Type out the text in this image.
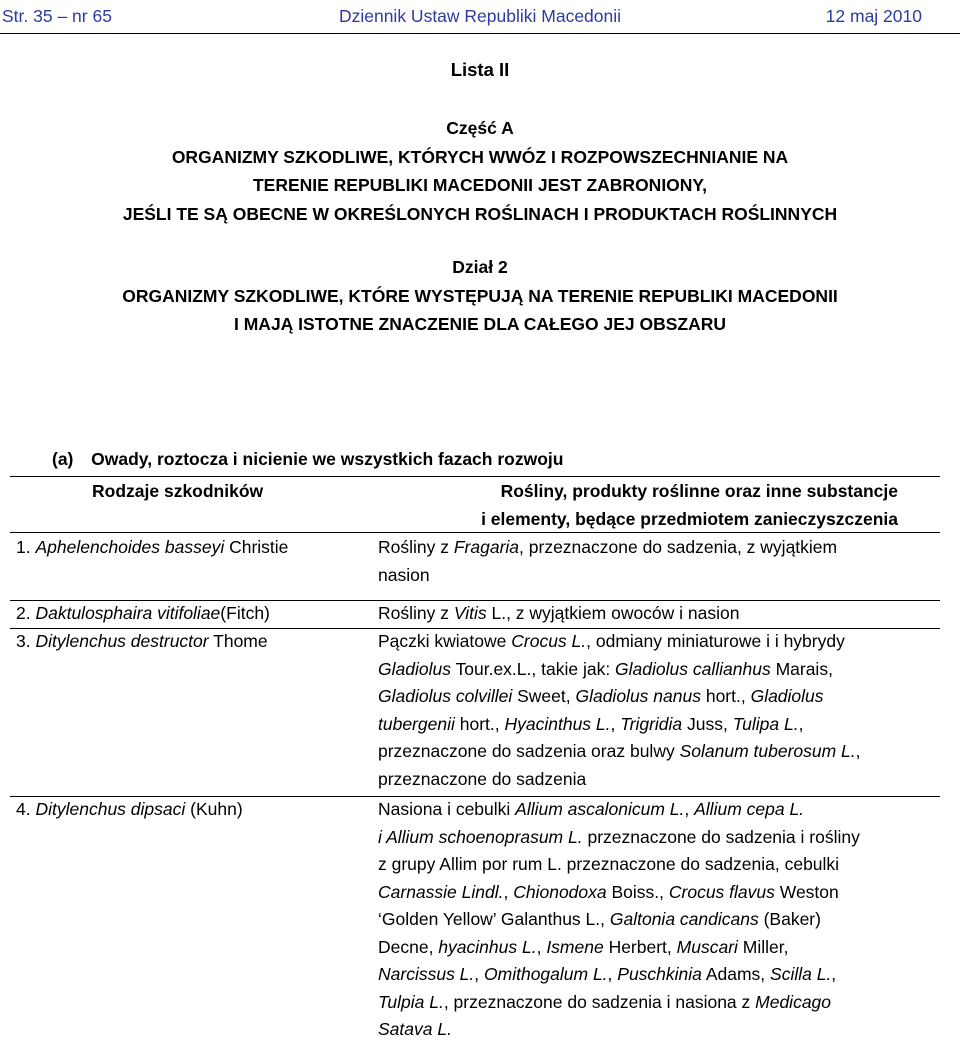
Str. 35 – nr 65	Dziennik Ustaw Republiki Macedonii	12 maj 2010
Lista II
Część A
ORGANIZMY SZKODLIWE, KTÓRYCH WWÓZ I ROZPOWSZECHNIANIE NA
TERENIE REPUBLIKI MACEDONII JEST ZABRONIONY,
JEŚLI TE SĄ OBECNE W OKREŚLONYCH ROŚLINACH I PRODUKTACH ROŚLINNYCH
Dział 2
ORGANIZMY SZKODLIWE, KTÓRE WYSTĘPUJĄ NA TERENIE REPUBLIKI MACEDONII
I MAJĄ ISTOTNE ZNACZENIE DLA CAŁEGO JEJ OBSZARU
(a) Owady, roztocza i nicienie we wszystkich fazach rozwoju
Rodzaje szkodników	Rośliny, produkty roślinne oraz inne substancje
i elementy, będące przedmiotem zanieczyszczenia
1. Aphelenchoides basseyi Christie	Rośliny z Fragaria, przeznaczone do sadzenia, z wyjątkiem
nasion
2. Daktulosphaira vitifoliae(Fitch)	Rośliny z Vitis L., z wyjątkiem owoców i nasion
3. Ditylenchus destructor Thome	Pączki kwiatowe Crocus L., odmiany miniaturowe i i hybrydy
Gladiolus Tour.ex.L., takie jak: Gladiolus callianhus Marais,
Gladiolus colvillei Sweet, Gladiolus nanus hort., Gladiolus
tubergenii hort., Hyacinthus L., Trigridia Juss, Tulipa L.,
przeznaczone do sadzenia oraz bulwy Solanum tuberosum L.,
przeznaczone do sadzenia
4. Ditylenchus dipsaci (Kuhn)	Nasiona i cebulki Allium ascalonicum L., Allium cepa L.
i Allium schoenoprasum L. przeznaczone do sadzenia i rośliny
z grupy Allim por rum L. przeznaczone do sadzenia, cebulki
Carnassie Lindl., Chionodoxa Boiss., Crocus flavus Weston
‘Golden Yellow’ Galanthus L., Galtonia candicans (Baker)
Decne, hyacinhus L., Ismene Herbert, Muscari Miller,
Narcissus L., Omithogalum L., Puschkinia Adams, Scilla L.,
Tulpia L., przeznaczone do sadzenia i nasiona z Medicago
Satava L.
